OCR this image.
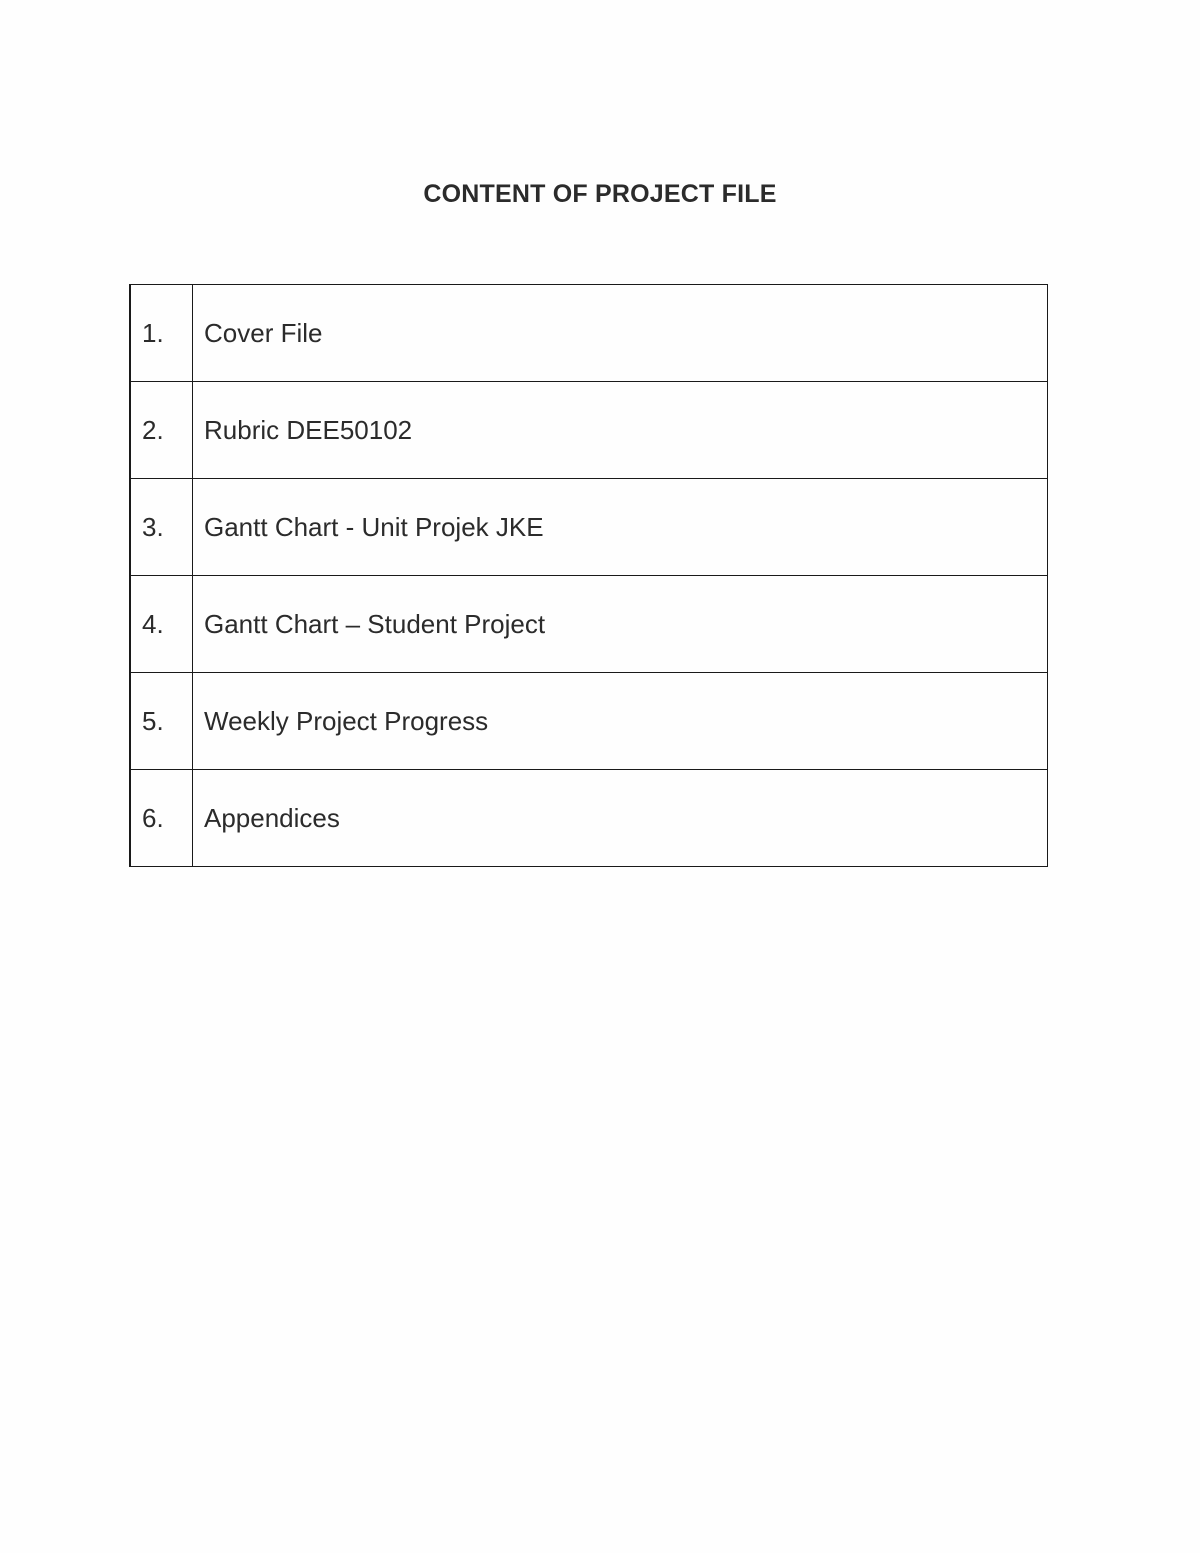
CONTENT OF PROJECT FILE
1.	Cover File
2.	Rubric DEE50102
3.	Gantt Chart - Unit Projek JKE
4.	Gantt Chart – Student Project
5.	Weekly Project Progress
6.	Appendices
